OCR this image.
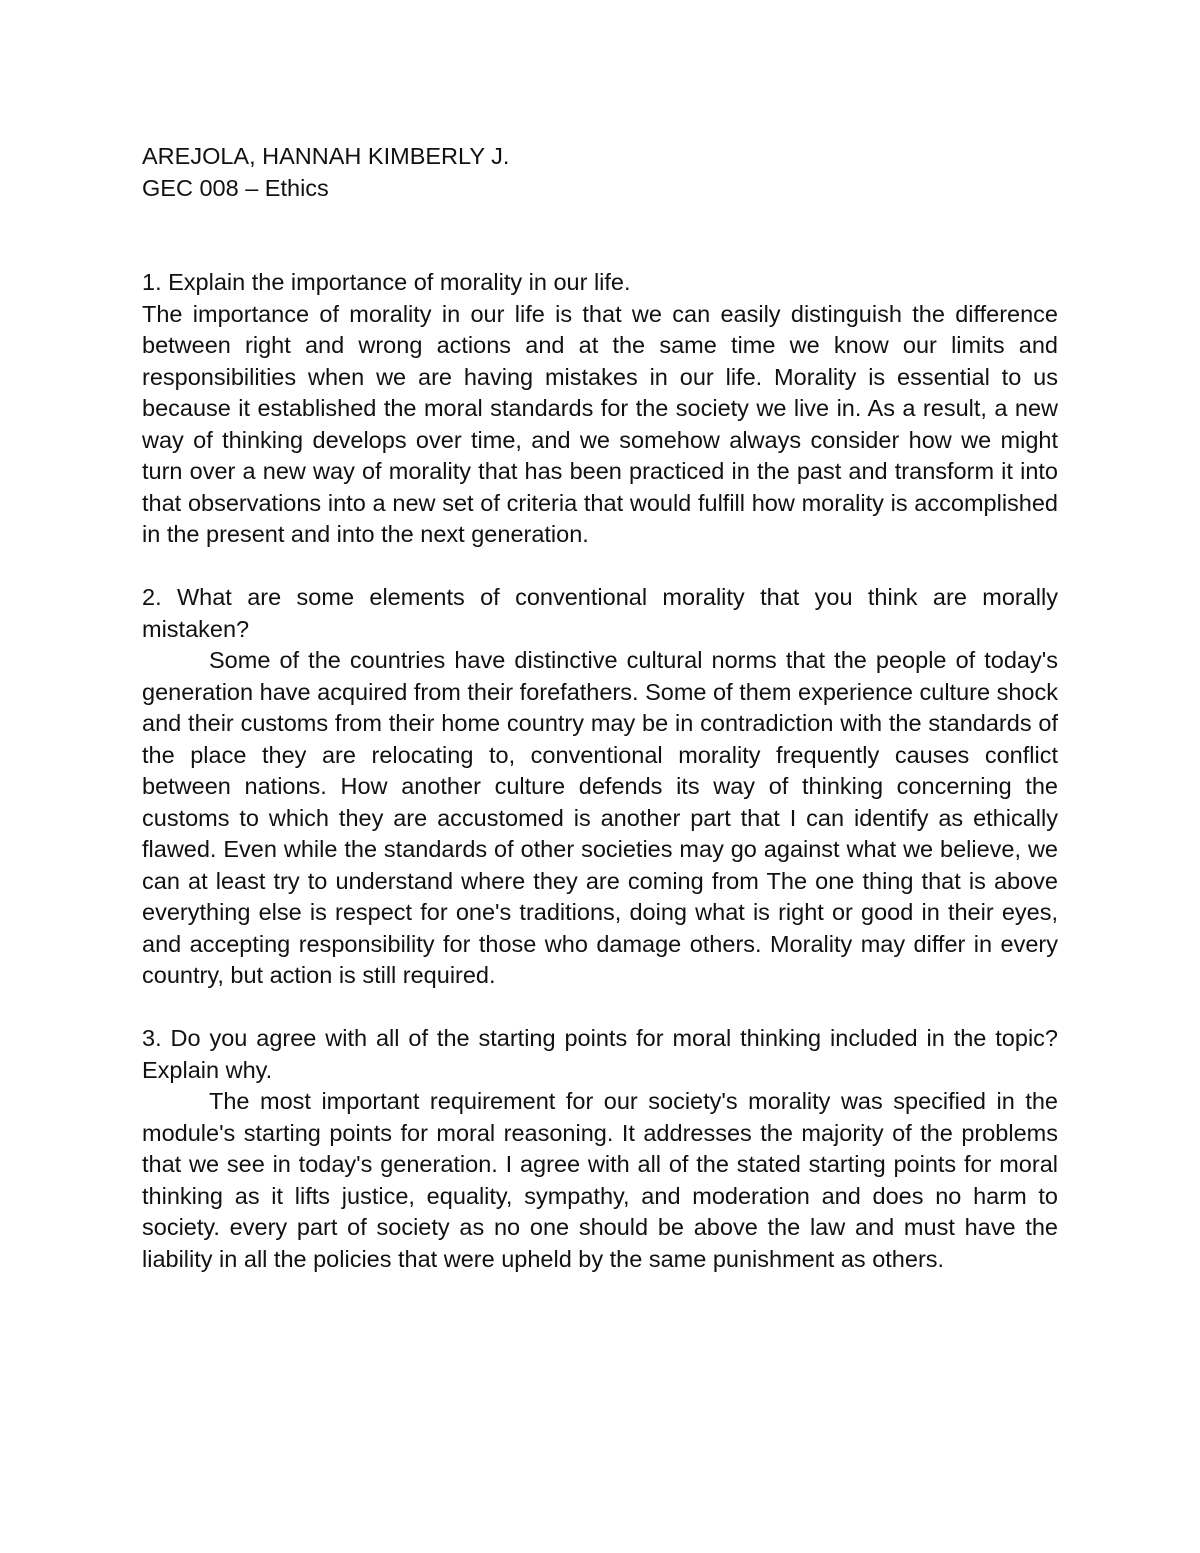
AREJOLA, HANNAH KIMBERLY J.
GEC 008 – Ethics
1. Explain the importance of morality in our life.
The importance of morality in our life is that we can easily distinguish the difference between right and wrong actions and at the same time we know our limits and responsibilities when we are having mistakes in our life. Morality is essential to us because it established the moral standards for the society we live in. As a result, a new way of thinking develops over time, and we somehow always consider how we might turn over a new way of morality that has been practiced in the past and transform it into that observations into a new set of criteria that would fulfill how morality is accomplished in the present and into the next generation.
2. What are some elements of conventional morality that you think are morally mistaken?
Some of the countries have distinctive cultural norms that the people of today's generation have acquired from their forefathers. Some of them experience culture shock and their customs from their home country may be in contradiction with the standards of the place they are relocating to, conventional morality frequently causes conflict between nations. How another culture defends its way of thinking concerning the customs to which they are accustomed is another part that I can identify as ethically flawed. Even while the standards of other societies may go against what we believe, we can at least try to understand where they are coming from The one thing that is above everything else is respect for one's traditions, doing what is right or good in their eyes, and accepting responsibility for those who damage others. Morality may differ in every country, but action is still required.
3. Do you agree with all of the starting points for moral thinking included in the topic? Explain why.
The most important requirement for our society's morality was specified in the module's starting points for moral reasoning. It addresses the majority of the problems that we see in today's generation. I agree with all of the stated starting points for moral thinking as it lifts justice, equality, sympathy, and moderation and does no harm to society. every part of society as no one should be above the law and must have the liability in all the policies that were upheld by the same punishment as others.
